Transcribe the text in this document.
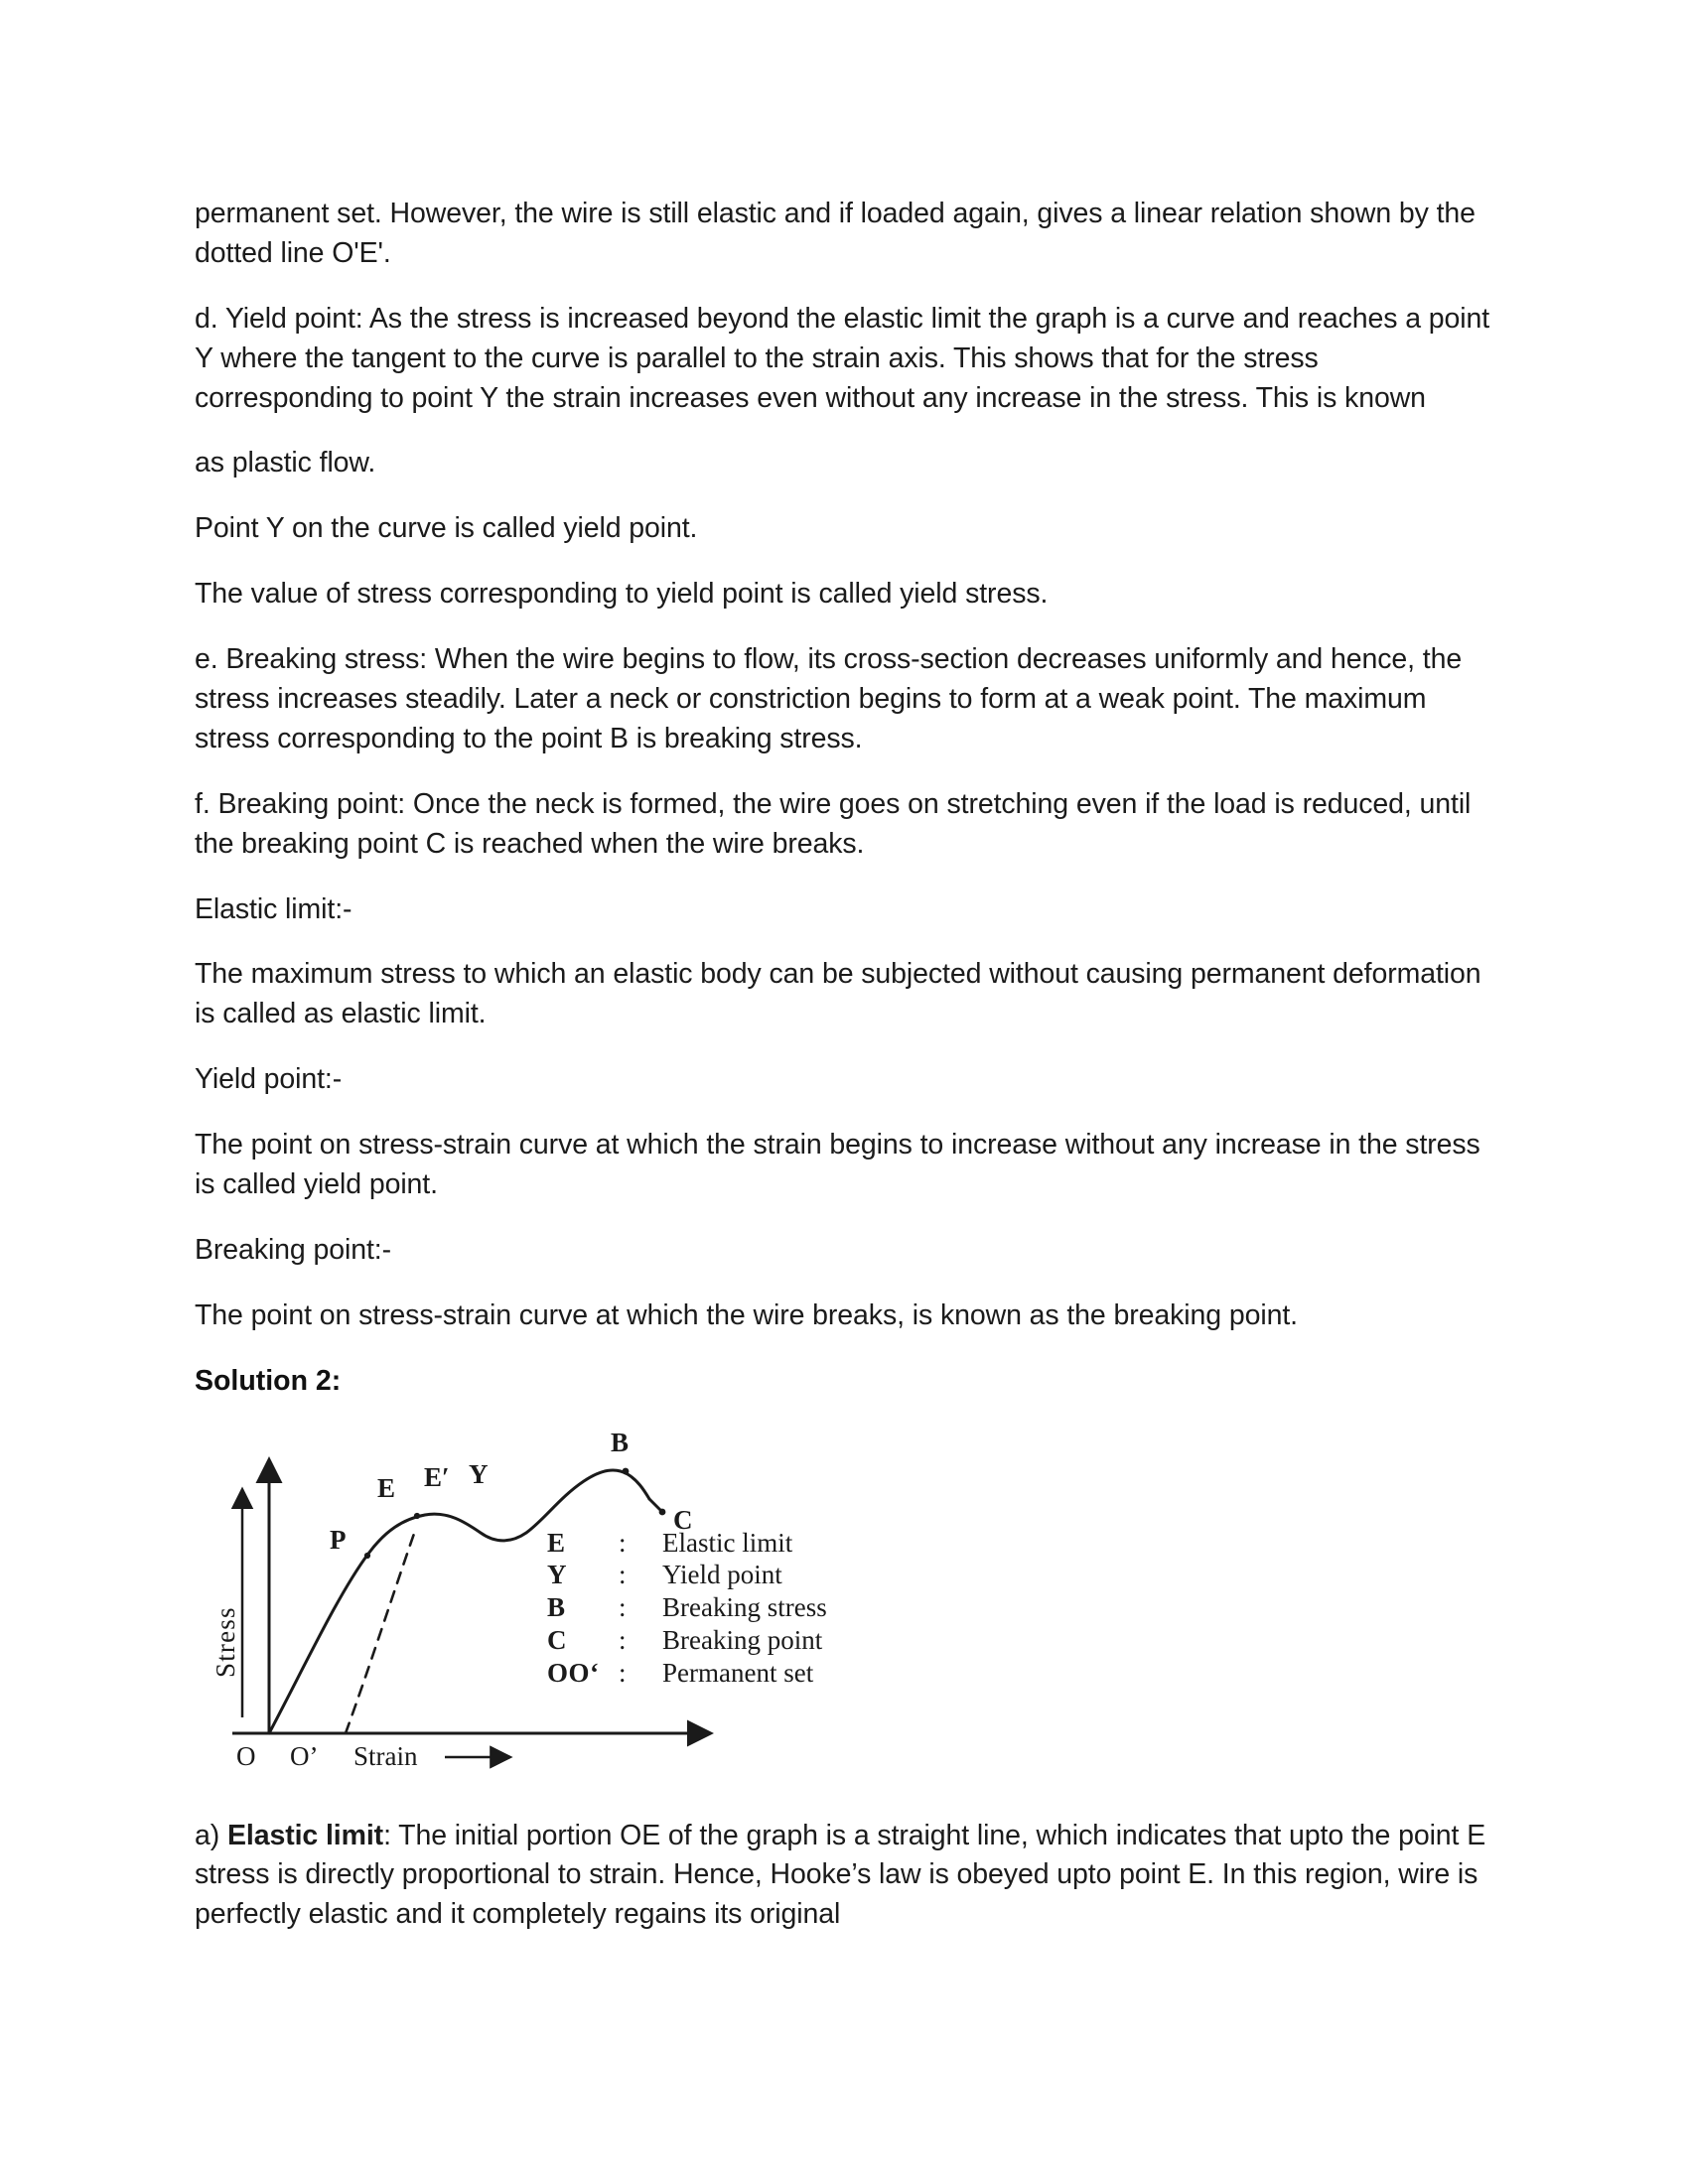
permanent set. However, the wire is still elastic and if loaded again, gives a linear relation shown by the dotted line O'E'.

d. Yield point: As the stress is increased beyond the elastic limit the graph is a curve and reaches a point Y where the tangent to the curve is parallel to the strain axis. This shows that for the stress corresponding to point Y the strain increases even without any increase in the stress. This is known

as plastic flow.

Point Y on the curve is called yield point.

The value of stress corresponding to yield point is called yield stress.

e. Breaking stress: When the wire begins to flow, its cross-section decreases uniformly and hence, the stress increases steadily. Later a neck or constriction begins to form at a weak point. The maximum stress corresponding to the point B is breaking stress.

f. Breaking point: Once the neck is formed, the wire goes on stretching even if the load is reduced, until the breaking point C is reached when the wire breaks.

Elastic limit:-

The maximum stress to which an elastic body can be subjected without causing permanent deformation is called as elastic limit.

Yield point:-

The point on stress-strain curve at which the strain begins to increase without any increase in the stress is called yield point.

Breaking point:-

The point on stress-strain curve at which the wire breaks, is known as the breaking point.

Solution 2:

B
C
E E′ Y
P
O O’ Strain
Stress
E	:	Elastic limit
Y	:	Yield point
B	:	Breaking stress
C	:	Breaking point
OO‘	:	Permanent set

a) Elastic limit: The initial portion OE of the graph is a straight line, which indicates that upto the point E stress is directly proportional to strain. Hence, Hooke’s law is obeyed upto point E. In this region, wire is perfectly elastic and it completely regains its original
